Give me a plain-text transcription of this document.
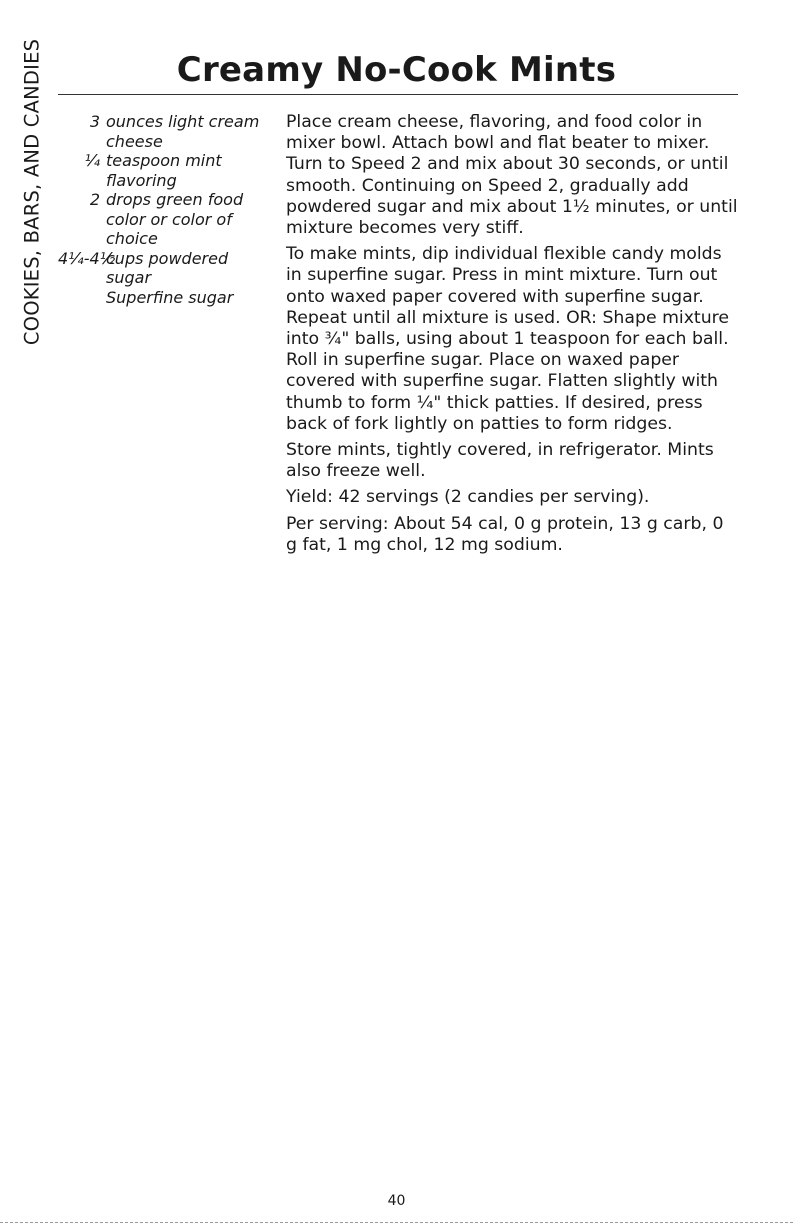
COOKIES, BARS, AND CANDIES	Creamy No-Cook Mints
3 ounces light cream cheese
¼ teaspoon mint flavoring
2 drops green food color or color of choice
4¼-4½
cups powdered sugar
Superfine sugar

Place cream cheese, flavoring, and food color in mixer bowl. Attach bowl and flat beater to mixer. Turn to Speed 2 and mix about 30 seconds, or until smooth. Continuing on Speed 2, gradually add powdered sugar and mix about 1½ minutes, or until mixture becomes very stiff.

To make mints, dip individual flexible candy molds in superfine sugar. Press in mint mixture. Turn out onto waxed paper covered with superfine sugar. Repeat until all mixture is used. OR: Shape mixture into ¾" balls, using about 1 teaspoon for each ball. Roll in superfine sugar. Place on waxed paper covered with superfine sugar. Flatten slightly with thumb to form ¼" thick patties. If desired, press back of fork lightly on patties to form ridges.

Store mints, tightly covered, in refrigerator. Mints also freeze well.

Yield: 42 servings (2 candies per serving).

Per serving: About 54 cal, 0 g protein, 13 g carb, 0 g fat, 1 mg chol, 12 mg sodium.

40
